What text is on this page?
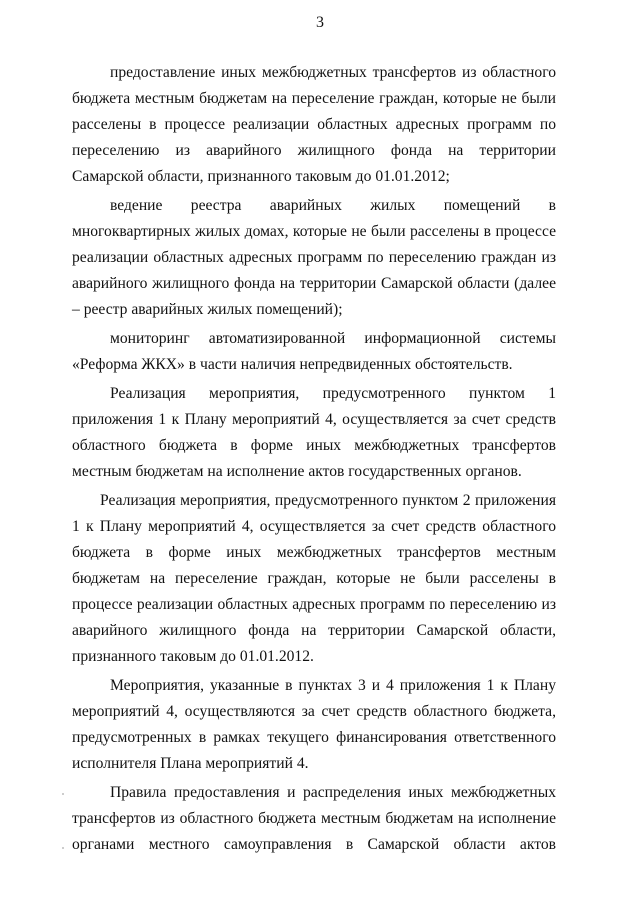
3

предоставление иных межбюджетных трансфертов из областного бюджета местным бюджетам на переселение граждан, которые не были расселены в процессе реализации областных адресных программ по переселению из аварийного жилищного фонда на территории Самарской области, признанного таковым до 01.01.2012;

ведение реестра аварийных жилых помещений в многоквартирных жилых домах, которые не были расселены в процессе реализации областных адресных программ по переселению граждан из аварийного жилищного фонда на территории Самарской области (далее – реестр аварийных жилых помещений);

мониторинг автоматизированной информационной системы «Реформа ЖКХ» в части наличия непредвиденных обстоятельств.

Реализация мероприятия, предусмотренного пунктом 1 приложения 1 к Плану мероприятий 4, осуществляется за счет средств областного бюджета в форме иных межбюджетных трансфертов местным бюджетам на исполнение актов государственных органов.

Реализация мероприятия, предусмотренного пунктом 2 приложения 1 к Плану мероприятий 4, осуществляется за счет средств областного бюджета в форме иных межбюджетных трансфертов местным бюджетам на переселение граждан, которые не были расселены в процессе реализации областных адресных программ по переселению из аварийного жилищного фонда на территории Самарской области, признанного таковым до 01.01.2012.

Мероприятия, указанные в пунктах 3 и 4 приложения 1 к Плану мероприятий 4, осуществляются за счет средств областного бюджета, предусмотренных в рамках текущего финансирования ответственного исполнителя Плана мероприятий 4.

Правила предоставления и распределения иных межбюджетных трансфертов из областного бюджета местным бюджетам на исполнение органами местного самоуправления в Самарской области актов
